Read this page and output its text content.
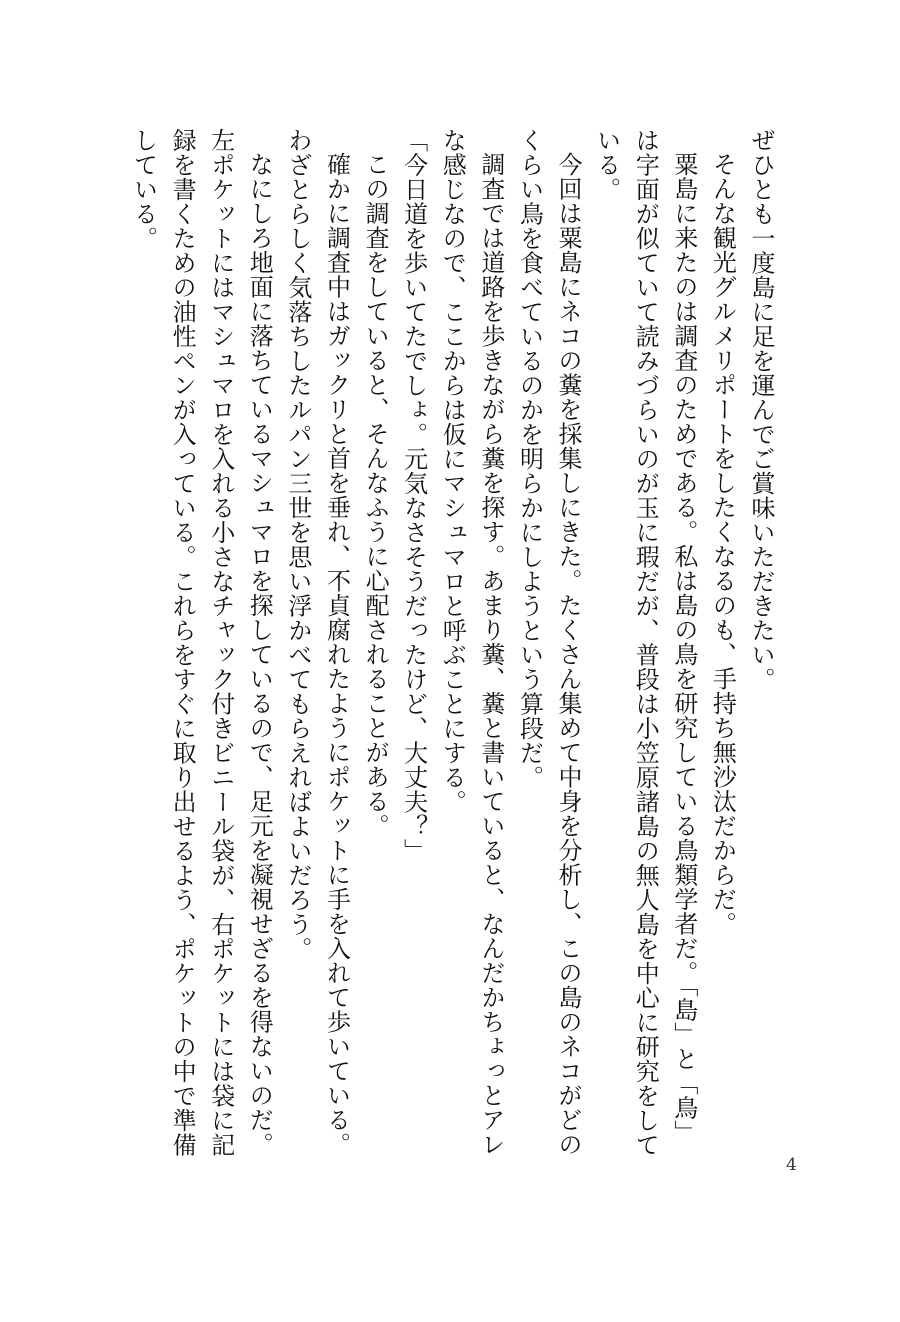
ぜひとも一度島に足を運んでご賞味いただきたい。

そんな観光グルメリポートをしたくなるのも、手持ち無沙汰だからだ。

粟島に来たのは調査のためである。私は島の鳥を研究している鳥類学者だ。「島」と「鳥」は字面が似ていて読みづらいのが玉に瑕だが、普段は小笠原諸島の無人島を中心に研究をしている。

今回は粟島にネコの糞を採集しにきた。たくさん集めて中身を分析し、この島のネコがどのくらい鳥を食べているのかを明らかにしようという算段だ。

調査では道路を歩きながら糞を探す。あまり糞、糞と書いていると、なんだかちょっとアレな感じなので、ここからは仮にマシュマロと呼ぶことにする。

「今日道を歩いてたでしょ。元気なさそうだったけど、大丈夫？」

この調査をしていると、そんなふうに心配されることがある。

確かに調査中はガックリと首を垂れ、不貞腐れたようにポケットに手を入れて歩いている。わざとらしく気落ちしたルパン三世を思い浮かべてもらえればよいだろう。

なにしろ地面に落ちているマシュマロを探しているので、足元を凝視せざるを得ないのだ。左ポケットにはマシュマロを入れる小さなチャック付きビニール袋が、右ポケットには袋に記録を書くための油性ペンが入っている。これらをすぐに取り出せるよう、ポケットの中で準備している。

4
